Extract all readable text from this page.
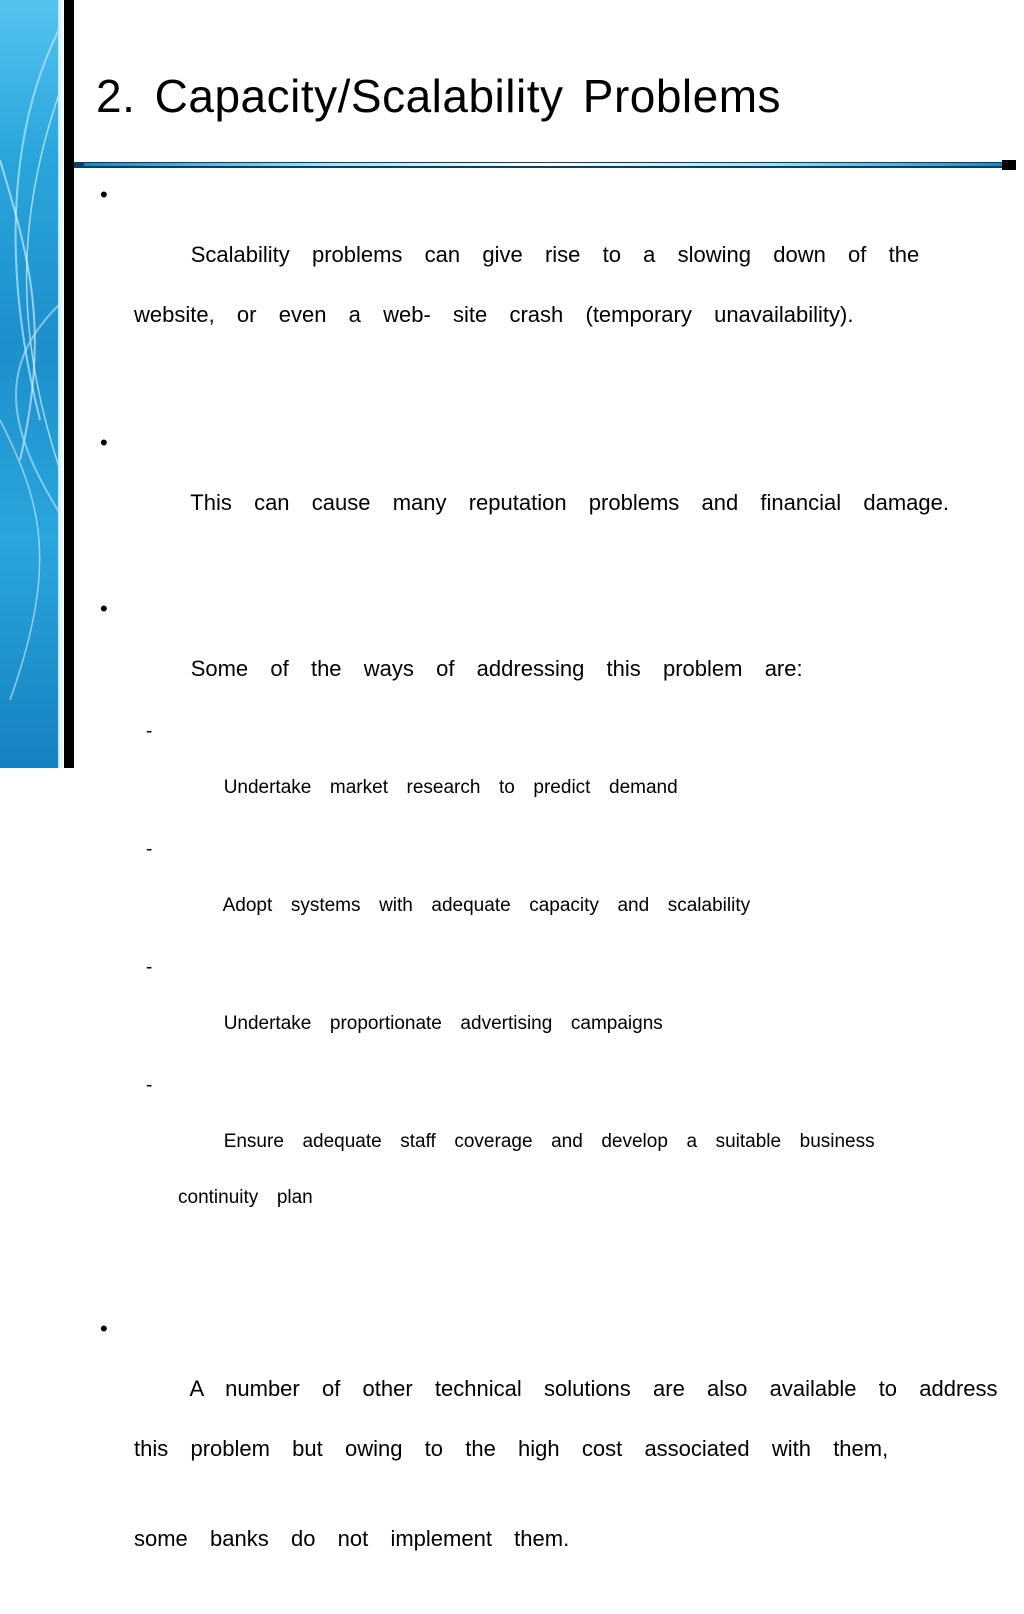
2. Capacity/Scalability Problems

•

Scalability  problems  can  give  rise  to  a  slowing  down  of  the

website,  or  even  a  web-  site  crash  (temporary  unavailability).

•

This  can  cause  many  reputation  problems  and  financial  damage.

•

Some  of  the  ways  of  addressing  this  problem  are:

-

Undertake  market  research  to  predict  demand

-

Adopt  systems  with  adequate  capacity  and  scalability

-

Undertake  proportionate  advertising  campaigns

-

Ensure  adequate  staff  coverage  and  develop  a  suitable  business

continuity  plan

•

A  number  of  other  technical  solutions  are  also  available  to  address

this  problem  but  owing  to  the  high  cost  associated  with  them,

some  banks  do  not  implement  them.
